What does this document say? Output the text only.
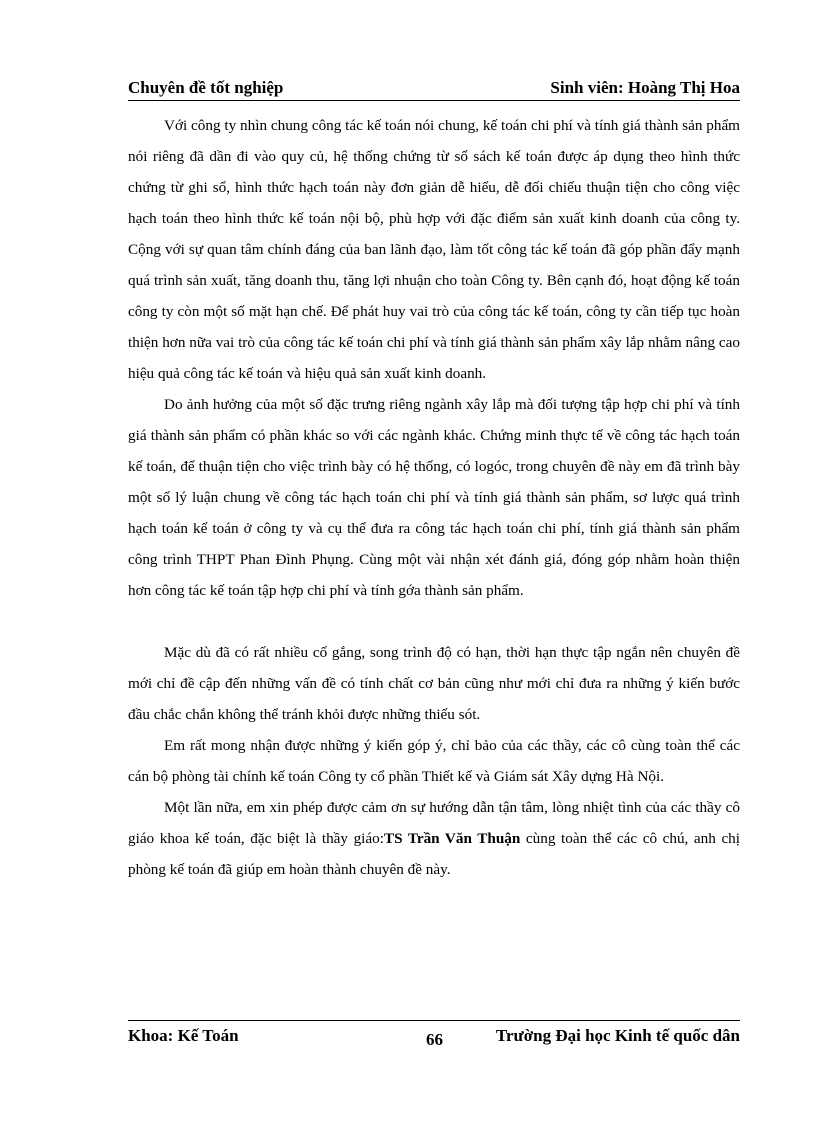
Chuyên đề tốt nghiệp	Sinh viên: Hoàng Thị Hoa

Với công ty nhìn chung công tác kế toán nói chung, kế toán chi phí và tính giá thành sản phẩm nói riêng đã dần đi vào quy củ, hệ thống chứng từ sổ sách kế toán được áp dụng theo hình thức chứng từ ghi sổ, hình thức hạch toán này đơn giản dễ hiểu, dễ đối chiếu thuận tiện cho công việc hạch toán theo hình thức kế toán nội bộ, phù hợp với đặc điểm sản xuất kinh doanh của công ty. Cộng với sự quan tâm chính đáng của ban lãnh đạo, làm tốt công tác kế toán đã góp phần đẩy mạnh quá trình sản xuất, tăng doanh thu, tăng lợi nhuận cho toàn Công ty. Bên cạnh đó, hoạt động kế toán công ty còn một số mặt hạn chế. Để phát huy vai trò của công tác kế toán, công ty cần tiếp tục hoàn thiện hơn nữa vai trò của công tác kế toán chi phí và tính giá thành sản phẩm xây lắp nhằm nâng cao hiệu quả công tác kế toán và hiệu quả sản xuất kinh doanh.

Do ảnh hưởng của một số đặc trưng riêng ngành xây lắp mà đối tượng tập hợp chi phí và tính giá thành sản phẩm có phần khác so với các ngành khác. Chứng minh thực tế về công tác hạch toán kế toán, để thuận tiện cho việc trình bày có hệ thống, có logóc, trong chuyên đề này em đã trình bày một số lý luận chung về công tác hạch toán chi phí và tính giá thành sản phẩm, sơ lược quá trình hạch toán kế toán ở công ty và cụ thể đưa ra công tác hạch toán chi phí, tính giá thành sản phẩm công trình THPT Phan Đình Phụng. Cùng một vài nhận xét đánh giá, đóng góp nhằm hoàn thiện hơn công tác kế toán tập hợp chi phí và tính gớa thành sản phẩm.

Mặc dù đã có rất nhiều cố gắng, song trình độ có hạn, thời hạn thực tập ngắn nên chuyên đề mới chỉ đề cập đến những vấn đề có tính chất cơ bản cũng như mới chỉ đưa ra những ý kiến bước đầu chắc chắn không thể tránh khỏi được những thiếu sót.

Em rất mong nhận được những ý kiến góp ý, chỉ bảo của các thầy, các cô cùng toàn thể các cán bộ phòng tài chính kế toán Công ty cổ phần Thiết kế và Giám sát Xây dựng Hà Nội.

Một lần nữa, em xin phép được cảm ơn sự hướng dẫn tận tâm, lòng nhiệt tình của các thầy cô giáo khoa kế toán, đặc biệt là thầy giáo:TS Trần Văn Thuận cùng toàn thể các cô chú, anh chị phòng kế toán đã giúp em hoàn thành chuyên đề này.

Khoa: Kế Toán	66	Trường Đại học Kinh tế quốc dân
